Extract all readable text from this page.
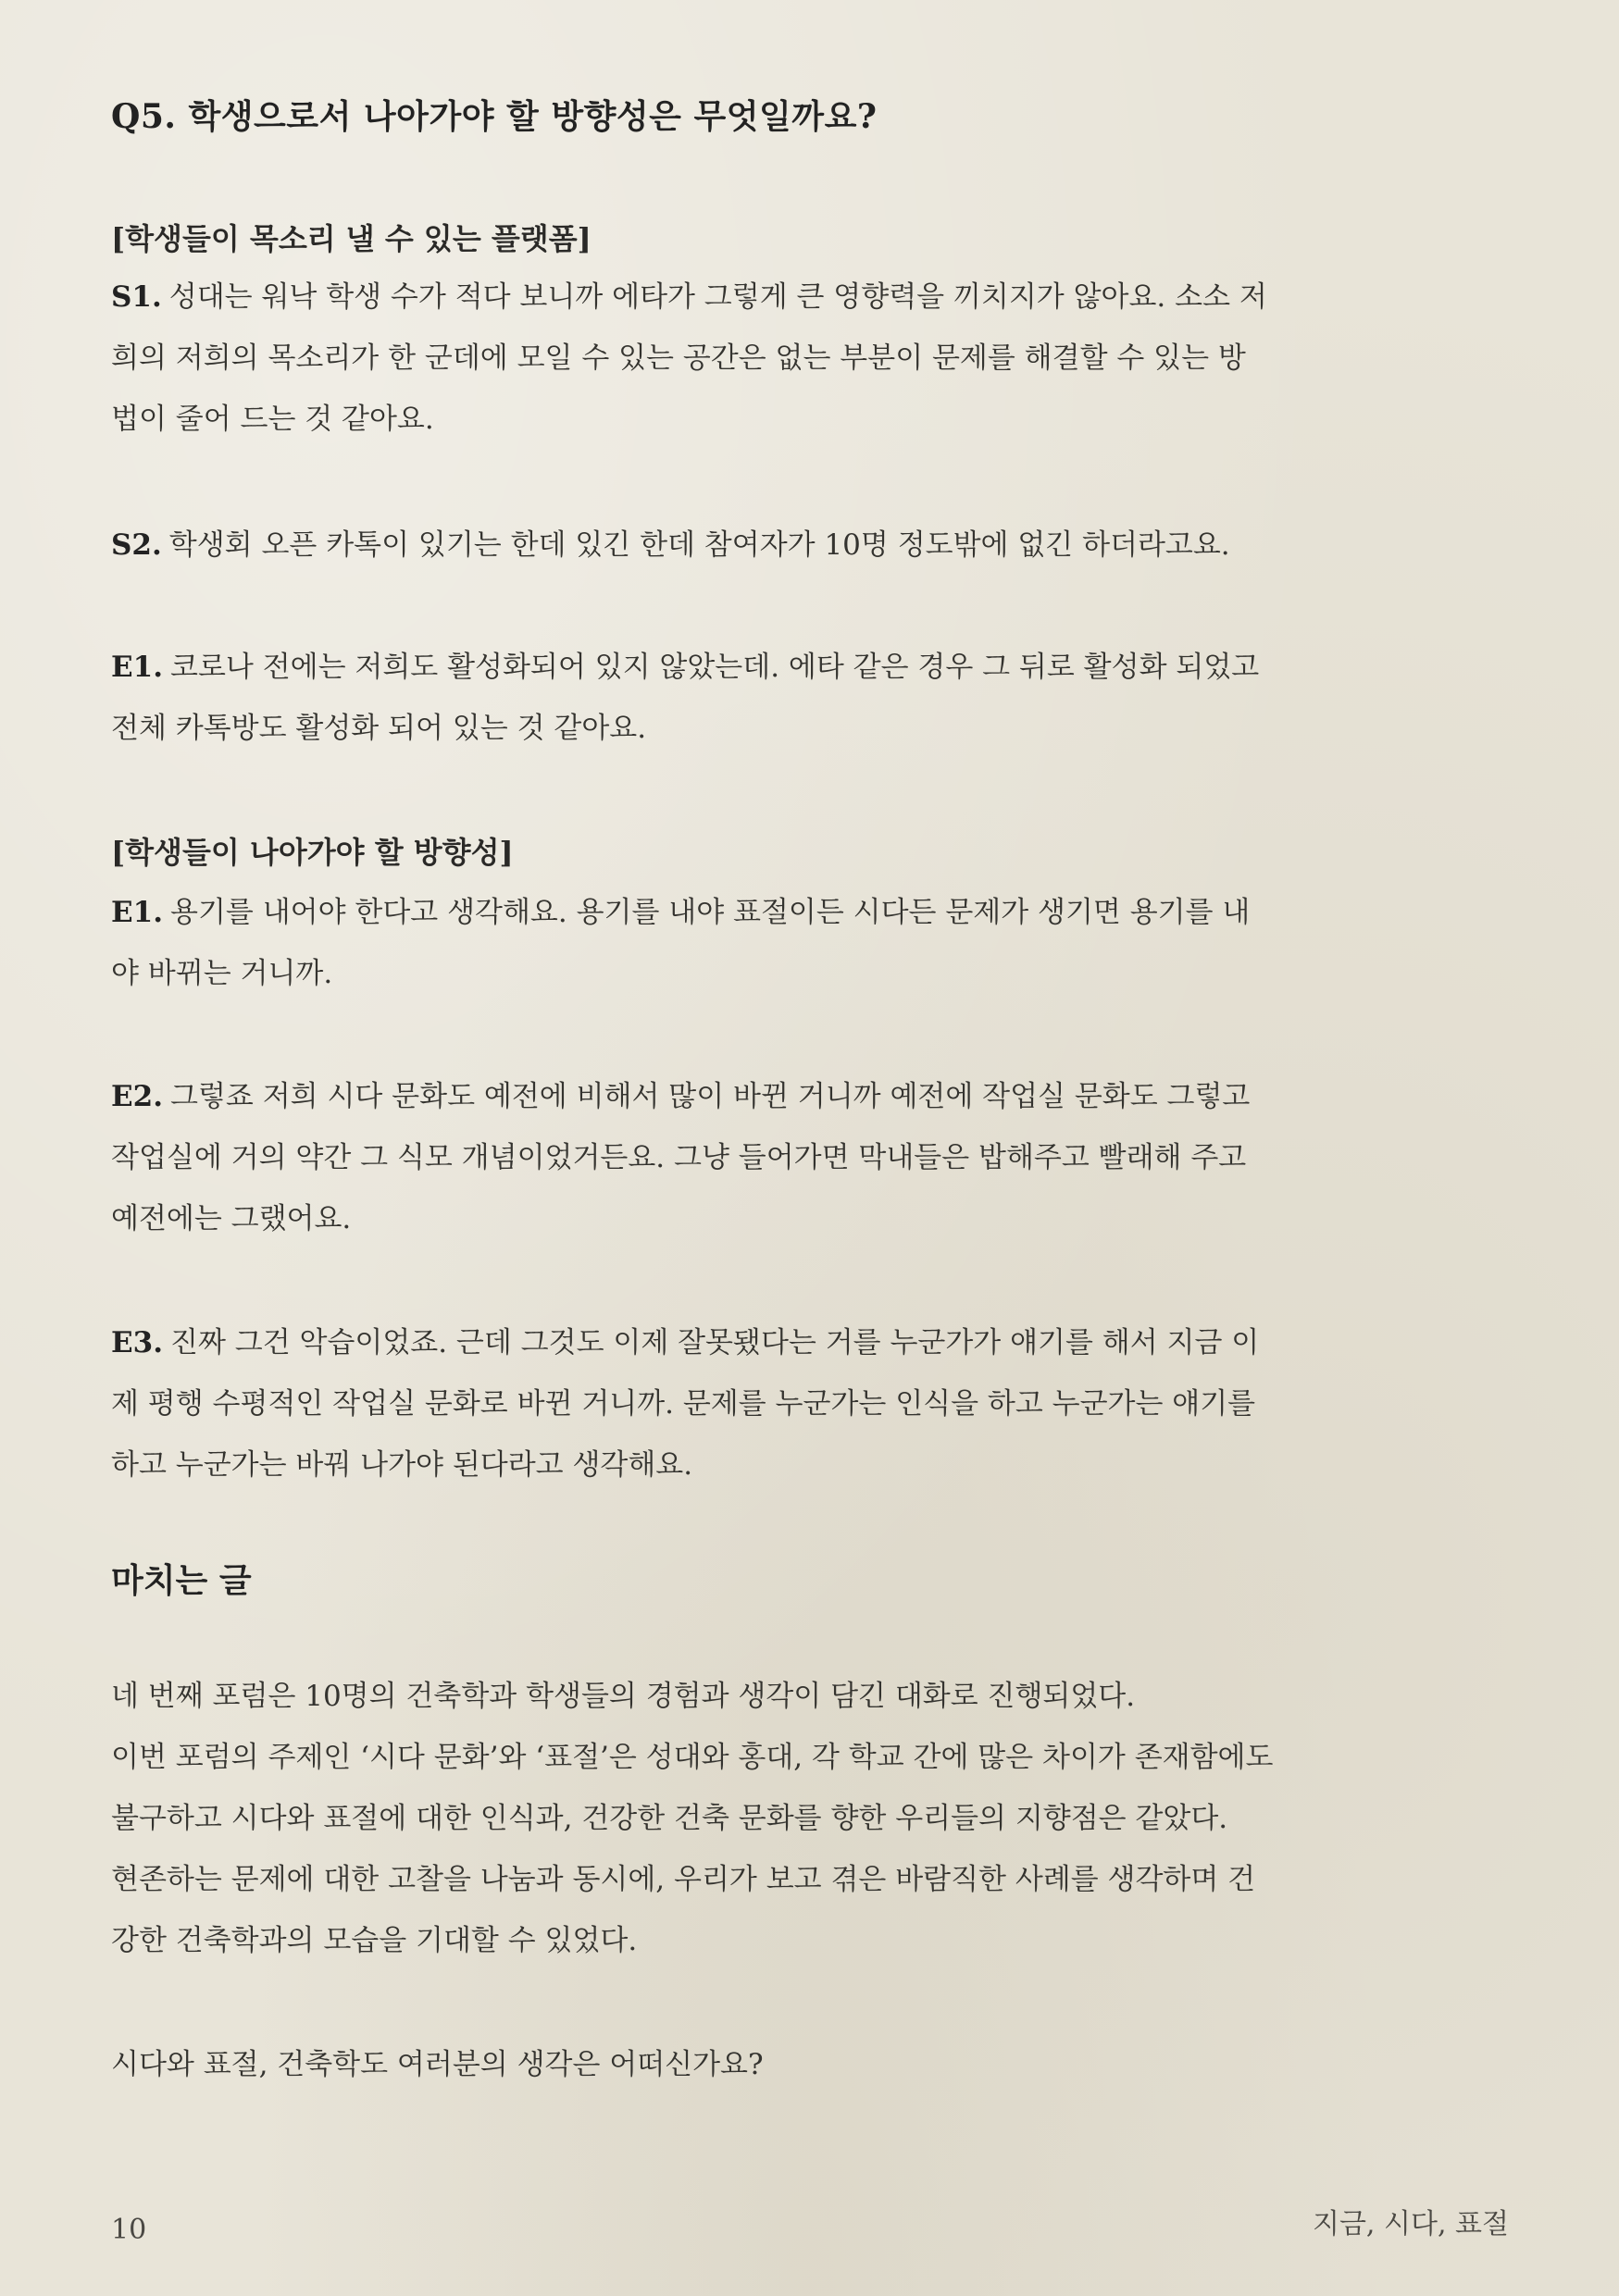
Q5. 학생으로서 나아가야 할 방향성은 무엇일까요?
[학생들이 목소리 낼 수 있는 플랫폼]

S1. 성대는 워낙 학생 수가 적다 보니까 에타가 그렇게 큰 영향력을 끼치지가 않아요. 소소 저

희의 저희의 목소리가 한 군데에 모일 수 있는 공간은 없는 부분이 문제를 해결할 수 있는 방

법이 줄어 드는 것 같아요.

S2. 학생회 오픈 카톡이 있기는 한데 있긴 한데 참여자가 10명 정도밖에 없긴 하더라고요.

E1. 코로나 전에는 저희도 활성화되어 있지 않았는데. 에타 같은 경우 그 뒤로 활성화 되었고

전체 카톡방도 활성화 되어 있는 것 같아요.

[학생들이 나아가야 할 방향성]

E1. 용기를 내어야 한다고 생각해요. 용기를 내야 표절이든 시다든 문제가 생기면 용기를 내

야 바뀌는 거니까.

E2. 그렇죠 저희 시다 문화도 예전에 비해서 많이 바뀐 거니까 예전에 작업실 문화도 그렇고

작업실에 거의 약간 그 식모 개념이었거든요. 그냥 들어가면 막내들은 밥해주고 빨래해 주고

예전에는 그랬어요.

E3. 진짜 그건 악습이었죠. 근데 그것도 이제 잘못됐다는 거를 누군가가 얘기를 해서 지금 이

제 평행 수평적인 작업실 문화로 바뀐 거니까. 문제를 누군가는 인식을 하고 누군가는 얘기를

하고 누군가는 바꿔 나가야 된다라고 생각해요.

마치는 글

네 번째 포럼은 10명의 건축학과 학생들의 경험과 생각이 담긴 대화로 진행되었다.

이번 포럼의 주제인 ‘시다 문화’와 ‘표절’은 성대와 홍대, 각 학교 간에 많은 차이가 존재함에도

불구하고 시다와 표절에 대한 인식과, 건강한 건축 문화를 향한 우리들의 지향점은 같았다.

현존하는 문제에 대한 고찰을 나눔과 동시에, 우리가 보고 겪은 바람직한 사례를 생각하며 건

강한 건축학과의 모습을 기대할 수 있었다.

시다와 표절, 건축학도 여러분의 생각은 어떠신가요?

10	지금, 시다, 표절
